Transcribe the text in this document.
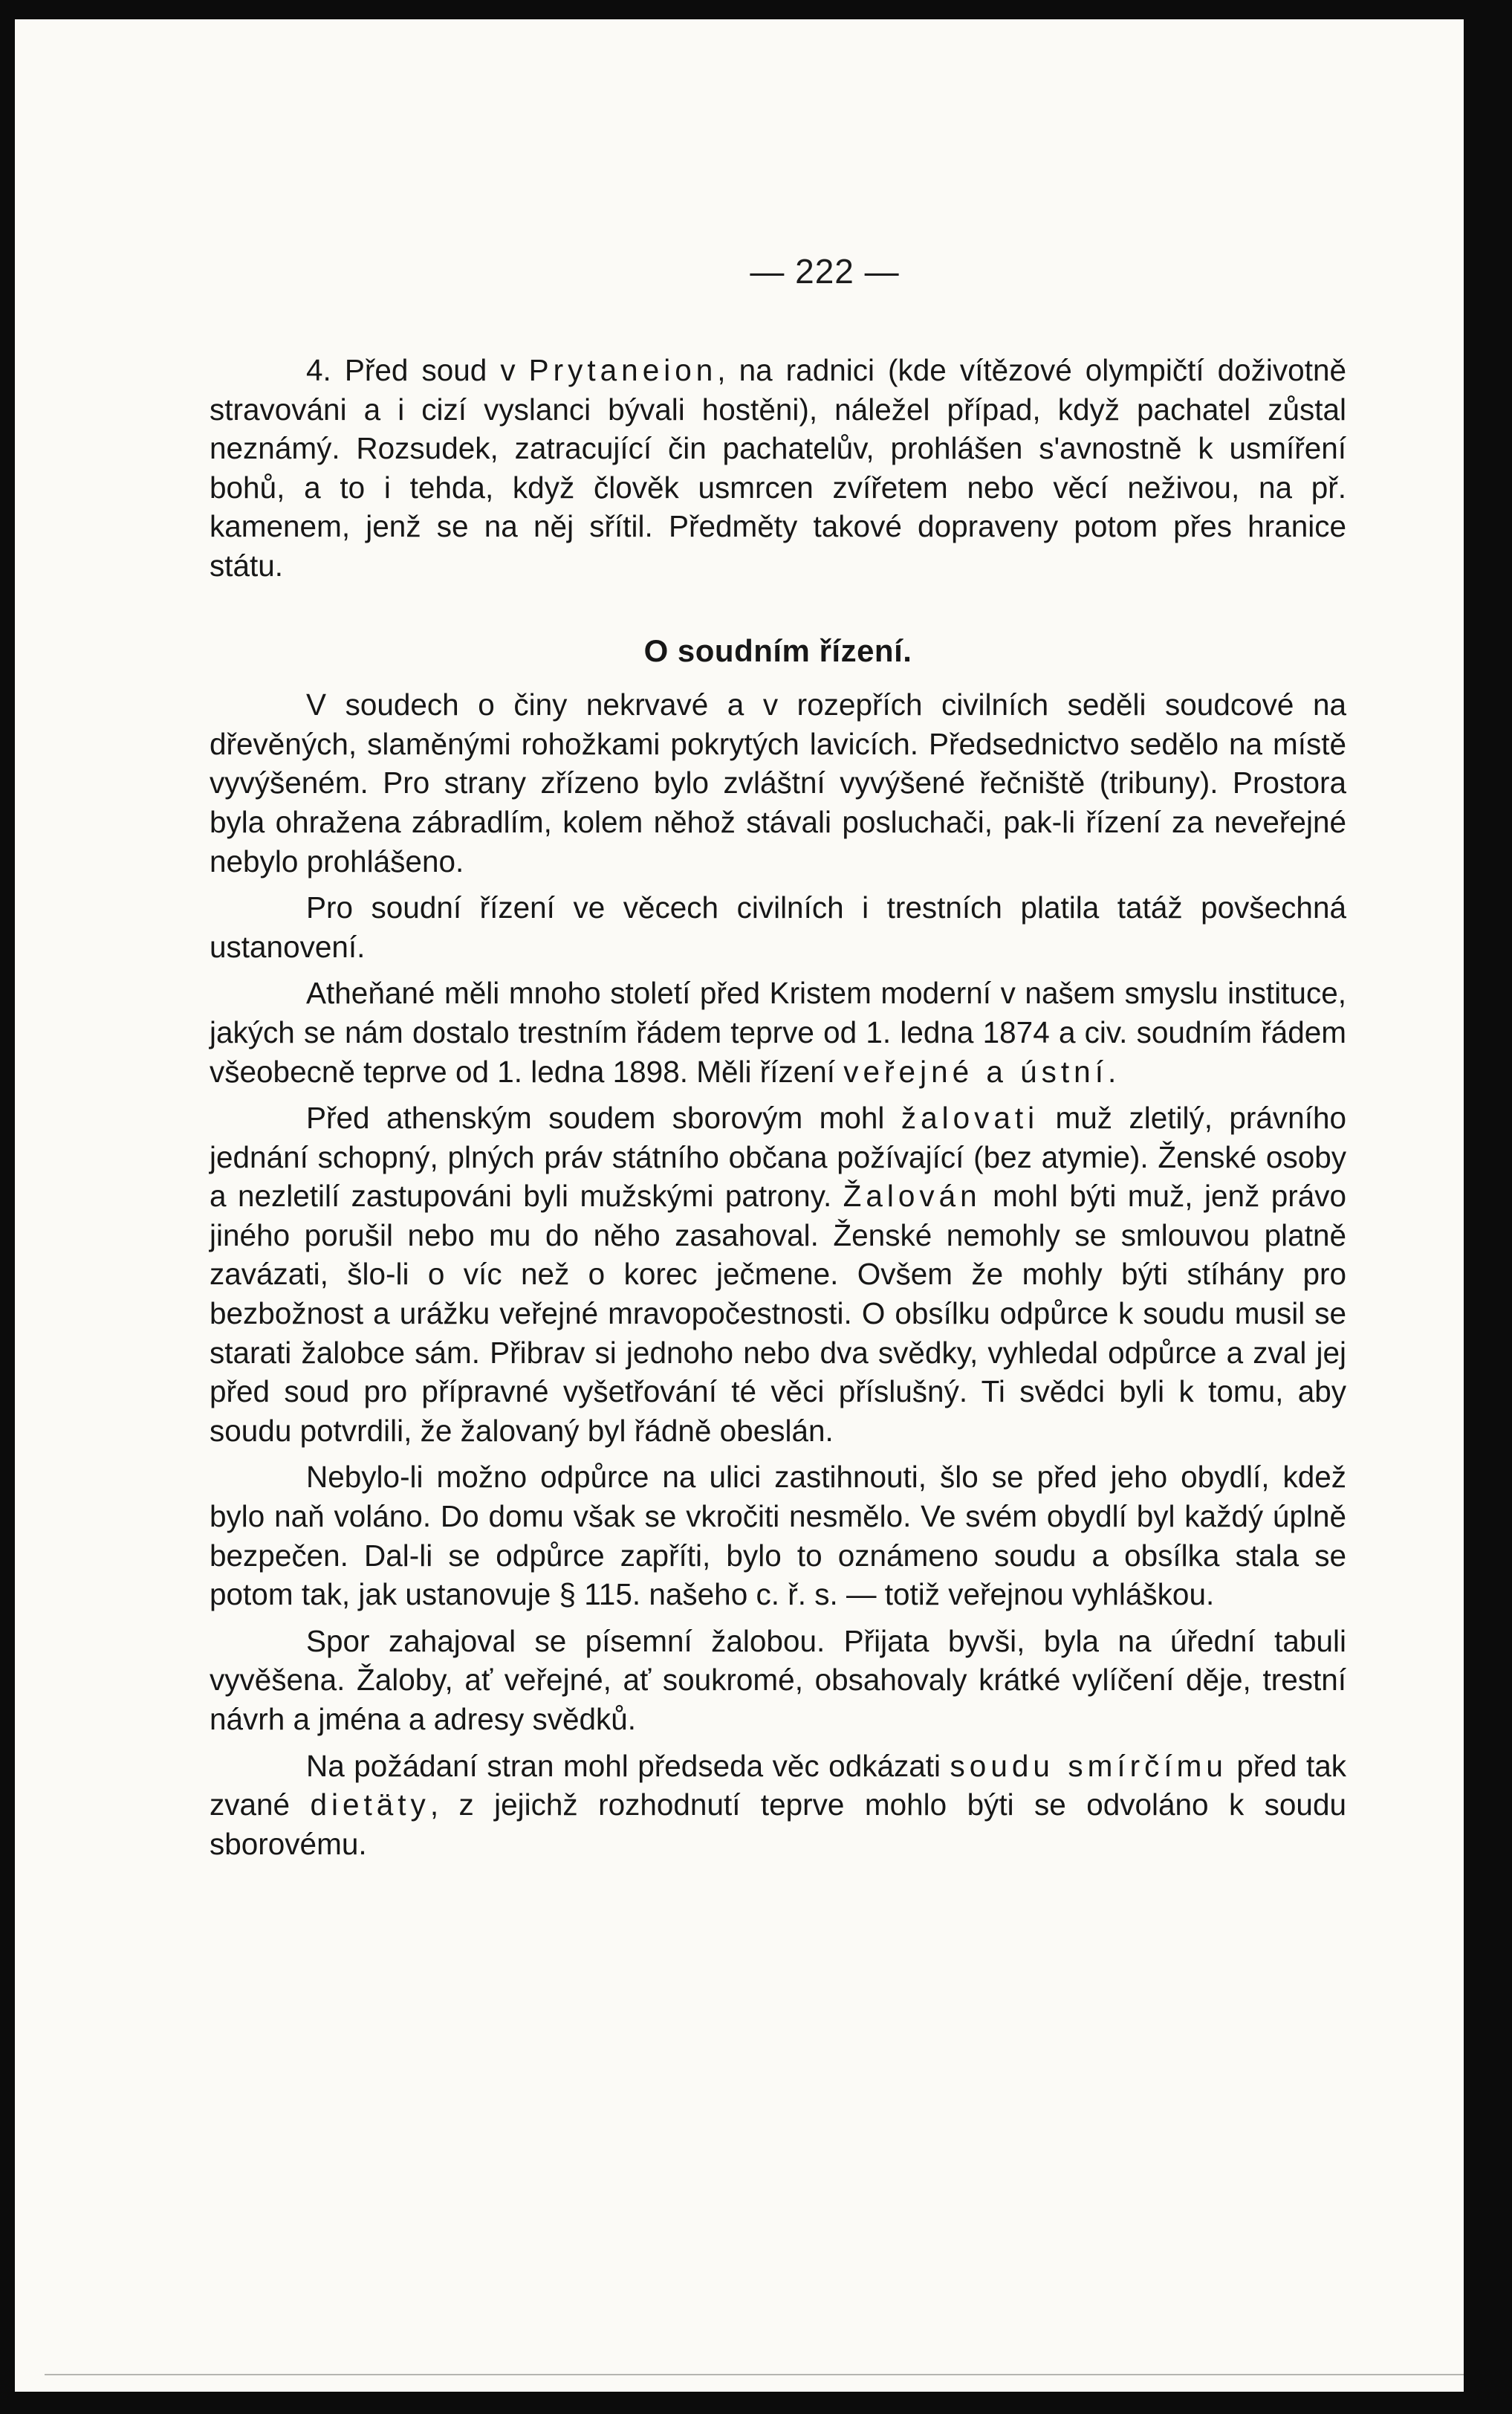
— 222 —

4. Před soud v Prytaneion, na radnici (kde vítězové olympičtí doživotně stravováni a i cizí vyslanci bývali hostěni), náležel případ, když pachatel zůstal neznámý. Rozsudek, zatracující čin pachatelův, prohlášen s'avnostně k usmíření bohů, a to i tehda, když člověk usmrcen zvířetem nebo věcí neživou, na př. kamenem, jenž se na něj sřítil. Předměty takové dopraveny potom přes hranice státu.

O soudním řízení.

V soudech o činy nekrvavé a v rozepřích civilních seděli soudcové na dřevěných, slaměnými rohožkami pokrytých lavicích. Předsednictvo sedělo na místě vyvýšeném. Pro strany zřízeno bylo zvláštní vyvýšené řečniště (tribuny). Prostora byla ohražena zábradlím, kolem něhož stávali posluchači, pak-li řízení za neveřejné nebylo prohlášeno.

Pro soudní řízení ve věcech civilních i trestních platila tatáž povšechná ustanovení.

Atheňané měli mnoho století před Kristem moderní v našem smyslu instituce, jakých se nám dostalo trestním řádem teprve od 1. ledna 1874 a civ. soudním řádem všeobecně teprve od 1. ledna 1898. Měli řízení veřejné a ústní.

Před athenským soudem sborovým mohl žalovati muž zletilý, právního jednání schopný, plných práv státního občana požívající (bez atymie). Ženské osoby a nezletilí zastupováni byli mužskými patrony. Žalován mohl býti muž, jenž právo jiného porušil nebo mu do něho zasahoval. Ženské nemohly se smlouvou platně zavázati, šlo-li o víc než o korec ječmene. Ovšem že mohly býti stíhány pro bezbožnost a urážku veřejné mravopočestnosti. O obsílku odpůrce k soudu musil se starati žalobce sám. Přibrav si jednoho nebo dva svědky, vyhledal odpůrce a zval jej před soud pro přípravné vyšetřování té věci příslušný. Ti svědci byli k tomu, aby soudu potvrdili, že žalovaný byl řádně obeslán.

Nebylo-li možno odpůrce na ulici zastihnouti, šlo se před jeho obydlí, kdež bylo naň voláno. Do domu však se vkročiti nesmělo. Ve svém obydlí byl každý úplně bezpečen. Dal-li se odpůrce zapříti, bylo to oznámeno soudu a obsílka stala se potom tak, jak ustanovuje § 115. našeho c. ř. s. — totiž veřejnou vyhláškou.

Spor zahajoval se písemní žalobou. Přijata byvši, byla na úřední tabuli vyvěšena. Žaloby, ať veřejné, ať soukromé, obsahovaly krátké vylíčení děje, trestní návrh a jména a adresy svědků.

Na požádaní stran mohl předseda věc odkázati soudu smírčímu před tak zvané dietäty, z jejichž rozhodnutí teprve mohlo býti se odvoláno k soudu sborovému.
